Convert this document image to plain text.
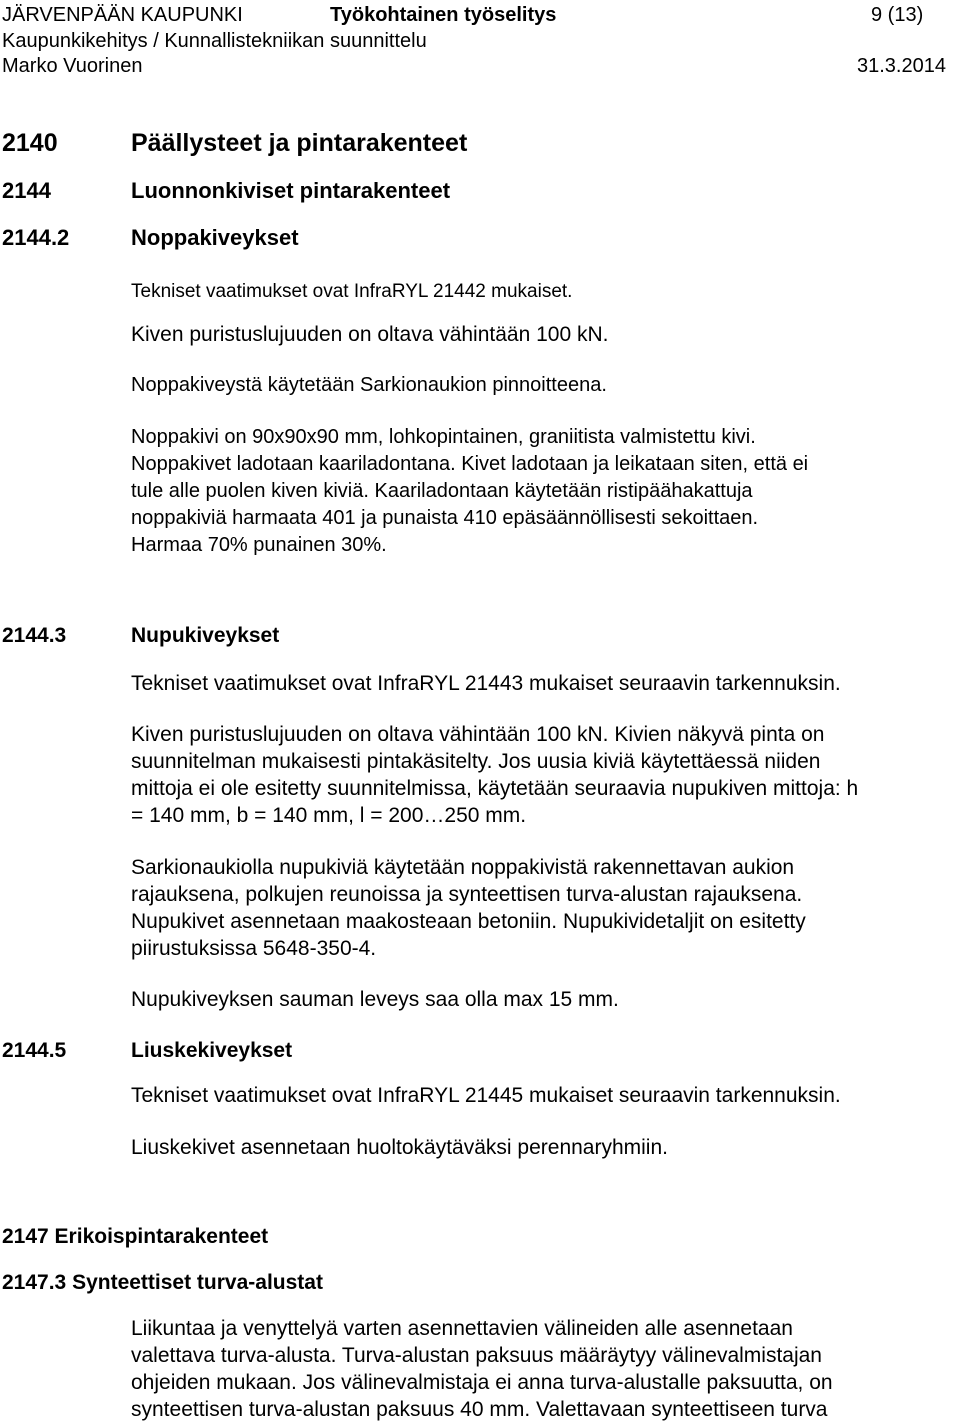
JÄRVENPÄÄN KAUPUNKI	Työkohtainen työselitys	9 (13)
Kaupunkikehitys / Kunnallistekniikan suunnittelu
Marko Vuorinen	31.3.2014
2140	Päällysteet ja pintarakenteet
2144	Luonnonkiviset pintarakenteet
2144.2	Noppakiveykset
Tekniset vaatimukset ovat InfraRYL 21442 mukaiset.
Kiven puristuslujuuden on oltava vähintään 100 kN.
Noppakiveystä käytetään Sarkionaukion pinnoitteena.
Noppakivi on 90x90x90 mm, lohkopintainen, graniitista valmistettu kivi.
Noppakivet ladotaan kaariladontana. Kivet ladotaan ja leikataan siten, että ei
tule alle puolen kiven kiviä. Kaariladontaan käytetään ristipäähakattuja
noppakiviä harmaata 401 ja punaista 410 epäsäännöllisesti sekoittaen.
Harmaa 70% punainen 30%.
2144.3	Nupukiveykset
Tekniset vaatimukset ovat InfraRYL 21443 mukaiset seuraavin tarkennuksin.
Kiven puristuslujuuden on oltava vähintään 100 kN. Kivien näkyvä pinta on
suunnitelman mukaisesti pintakäsitelty. Jos uusia kiviä käytettäessä niiden
mittoja ei ole esitetty suunnitelmissa, käytetään seuraavia nupukiven mittoja: h
= 140 mm, b = 140 mm, l = 200…250 mm.
Sarkionaukiolla nupukiviä käytetään noppakivistä rakennettavan aukion
rajauksena, polkujen reunoissa ja synteettisen turva-alustan rajauksena.
Nupukivet asennetaan maakosteaan betoniin. Nupukividetaljit on esitetty
piirustuksissa 5648-350-4.
Nupukiveyksen sauman leveys saa olla max 15 mm.
2144.5	Liuskekiveykset
Tekniset vaatimukset ovat InfraRYL 21445 mukaiset seuraavin tarkennuksin.
Liuskekivet asennetaan huoltokäytäväksi perennaryhmiin.
2147 Erikoispintarakenteet
2147.3 Synteettiset turva-alustat
Liikuntaa ja venyttelyä varten asennettavien välineiden alle asennetaan
valettava turva-alusta. Turva-alustan paksuus määräytyy välinevalmistajan
ohjeiden mukaan. Jos välinevalmistaja ei anna turva-alustalle paksuutta, on
synteettisen turva-alustan paksuus 40 mm. Valettavaan synteettiseen turva
